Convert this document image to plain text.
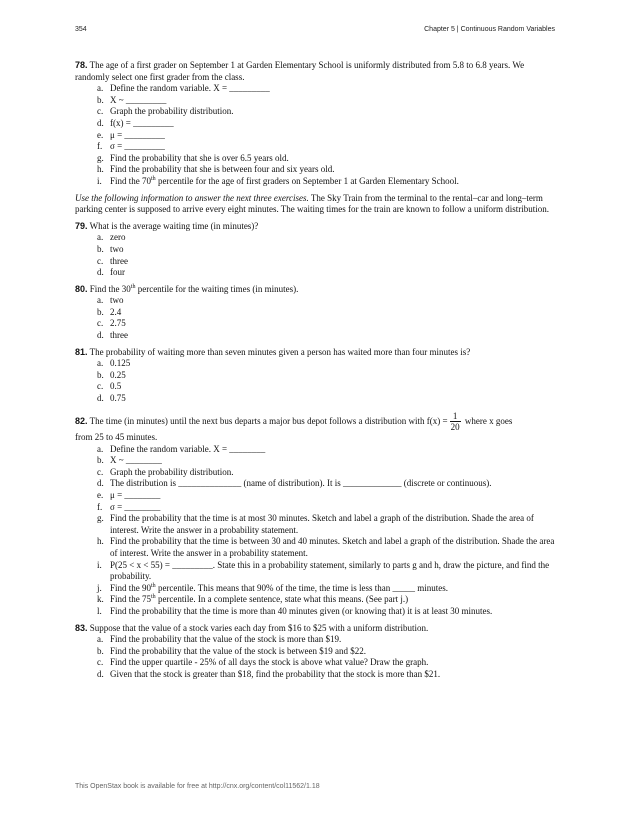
354	Chapter 5 | Continuous Random Variables
78. The age of a first grader on September 1 at Garden Elementary School is uniformly distributed from 5.8 to 6.8 years. We randomly select one first grader from the class.
a. Define the random variable. X = _________
b. X ~ _________
c. Graph the probability distribution.
d. f(x) = _________
e. μ = _________
f. σ = _________
g. Find the probability that she is over 6.5 years old.
h. Find the probability that she is between four and six years old.
i. Find the 70th percentile for the age of first graders on September 1 at Garden Elementary School.
Use the following information to answer the next three exercises. The Sky Train from the terminal to the rental–car and long–term parking center is supposed to arrive every eight minutes. The waiting times for the train are known to follow a uniform distribution.
79. What is the average waiting time (in minutes)?
a. zero
b. two
c. three
d. four
80. Find the 30th percentile for the waiting times (in minutes).
a. two
b. 2.4
c. 2.75
d. three
81. The probability of waiting more than seven minutes given a person has waited more than four minutes is?
a. 0.125
b. 0.25
c. 0.5
d. 0.75
82. The time (in minutes) until the next bus departs a major bus depot follows a distribution with $f(x) = \frac{1}{20}$ where x goes
from 25 to 45 minutes.
a. Define the random variable. X = ________
b. X ~ ________
c. Graph the probability distribution.
d. The distribution is ______________ (name of distribution). It is _____________ (discrete or continuous).
e. μ = ________
f. σ = ________
g. Find the probability that the time is at most 30 minutes. Sketch and label a graph of the distribution. Shade the area of interest. Write the answer in a probability statement.
h. Find the probability that the time is between 30 and 40 minutes. Sketch and label a graph of the distribution. Shade the area of interest. Write the answer in a probability statement.
i. P(25 < x < 55) = _________. State this in a probability statement, similarly to parts g and h, draw the picture, and find the probability.
j. Find the 90th percentile. This means that 90% of the time, the time is less than _____ minutes.
k. Find the 75th percentile. In a complete sentence, state what this means. (See part j.)
l. Find the probability that the time is more than 40 minutes given (or knowing that) it is at least 30 minutes.
83. Suppose that the value of a stock varies each day from $16 to $25 with a uniform distribution.
a. Find the probability that the value of the stock is more than $19.
b. Find the probability that the value of the stock is between $19 and $22.
c. Find the upper quartile - 25% of all days the stock is above what value? Draw the graph.
d. Given that the stock is greater than $18, find the probability that the stock is more than $21.
This OpenStax book is available for free at http://cnx.org/content/col11562/1.18
